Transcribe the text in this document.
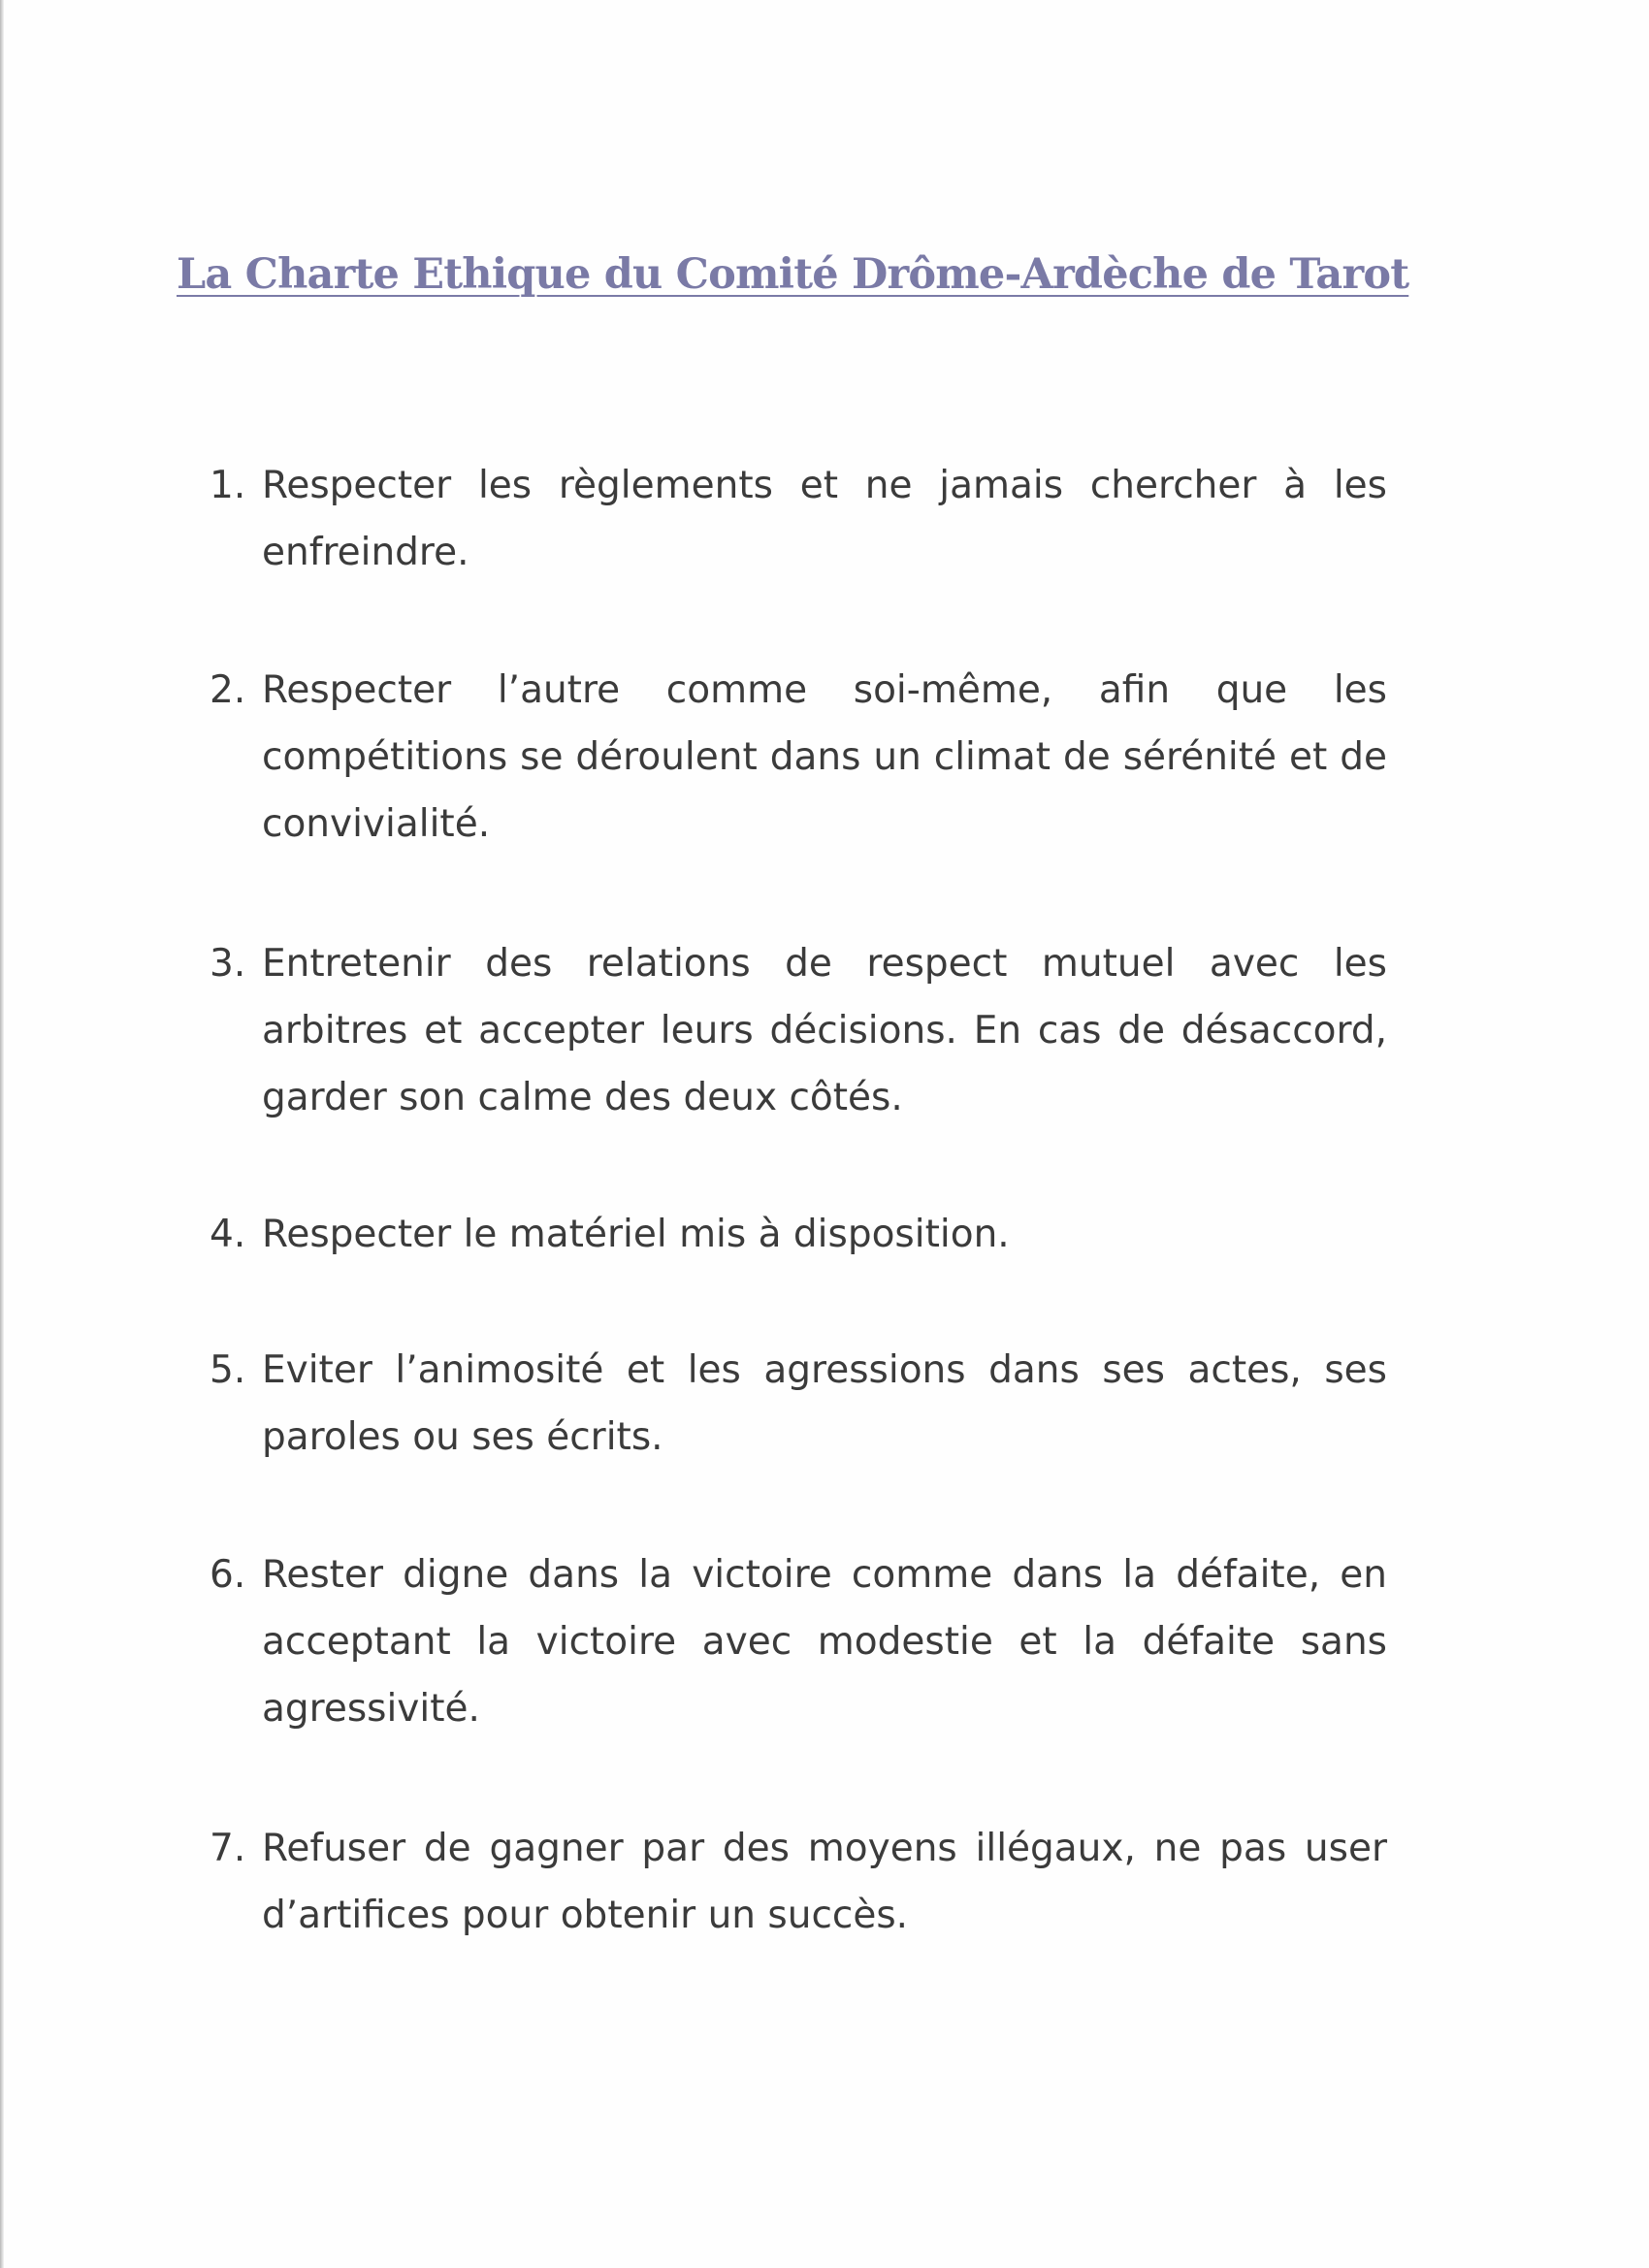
La Charte Ethique du Comité Drôme-Ardèche de Tarot
1. Respecter les règlements et ne jamais chercher à les enfreindre.
2. Respecter l’autre comme soi-même, afin que les compétitions se déroulent dans un climat de sérénité et de convivialité.
3. Entretenir des relations de respect mutuel avec les arbitres et accepter leurs décisions. En cas de désaccord, garder son calme des deux côtés.
4. Respecter le matériel mis à disposition.
5. Eviter l’animosité et les agressions dans ses actes, ses paroles ou ses écrits.
6. Rester digne dans la victoire comme dans la défaite, en acceptant la victoire avec modestie et la défaite sans agressivité.
7. Refuser de gagner par des moyens illégaux, ne pas user d’artifices pour obtenir un succès.
